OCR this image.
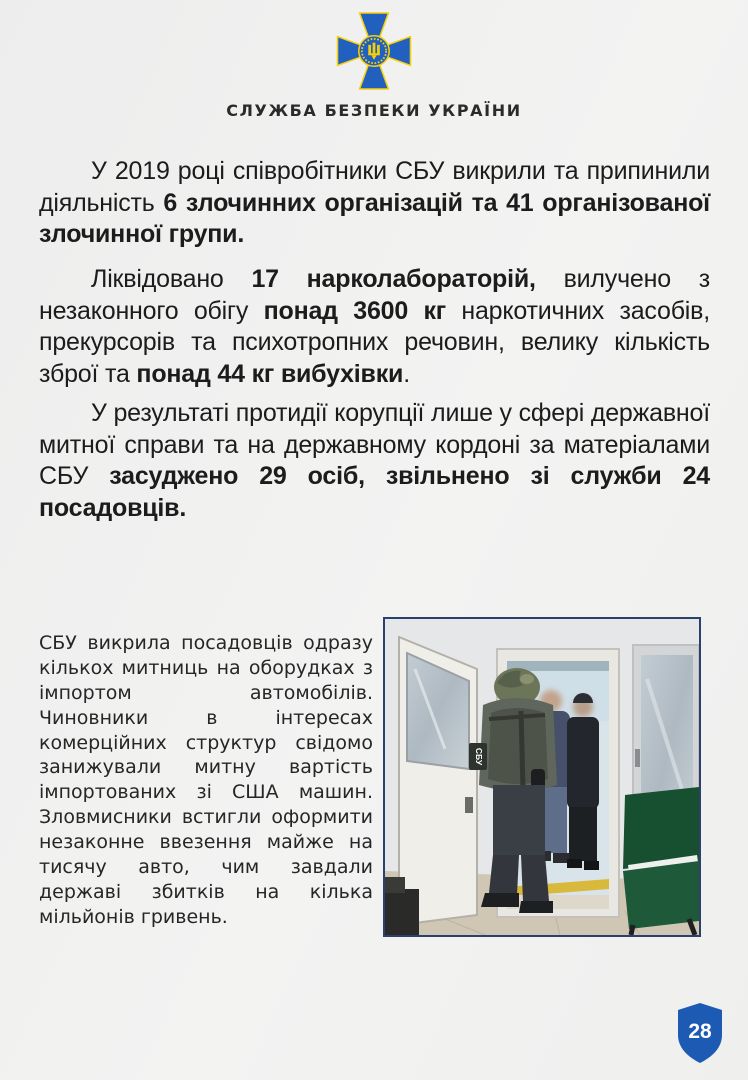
СЛУЖБА БЕЗПЕКИ УКРАЇНИ

У 2019 році співробітники СБУ викрили та припинили діяльність 6 злочинних організацій та 41 організованої злочинної групи.

Ліквідовано 17 нарколабораторій, вилучено з незаконного обігу понад 3600 кг наркотичних засобів, прекурсорів та психотропних речовин, велику кількість зброї та понад 44 кг вибухівки.

У результаті протидії корупції лише у сфері державної митної справи та на державному кордоні за матеріалами СБУ засуджено 29 осіб, звільнено зі служби 24 посадовців.

СБУ викрила посадовців одразу кількох митниць на оборудках з імпортом автомобілів. Чиновники в інтересах комерційних структур свідомо занижували митну вартість імпортованих зі США машин. Зловмисники встигли оформити незаконне ввезення майже на тисячу авто, чим завдали державі збитків на кілька мільйонів гривень.

СБУ
28
